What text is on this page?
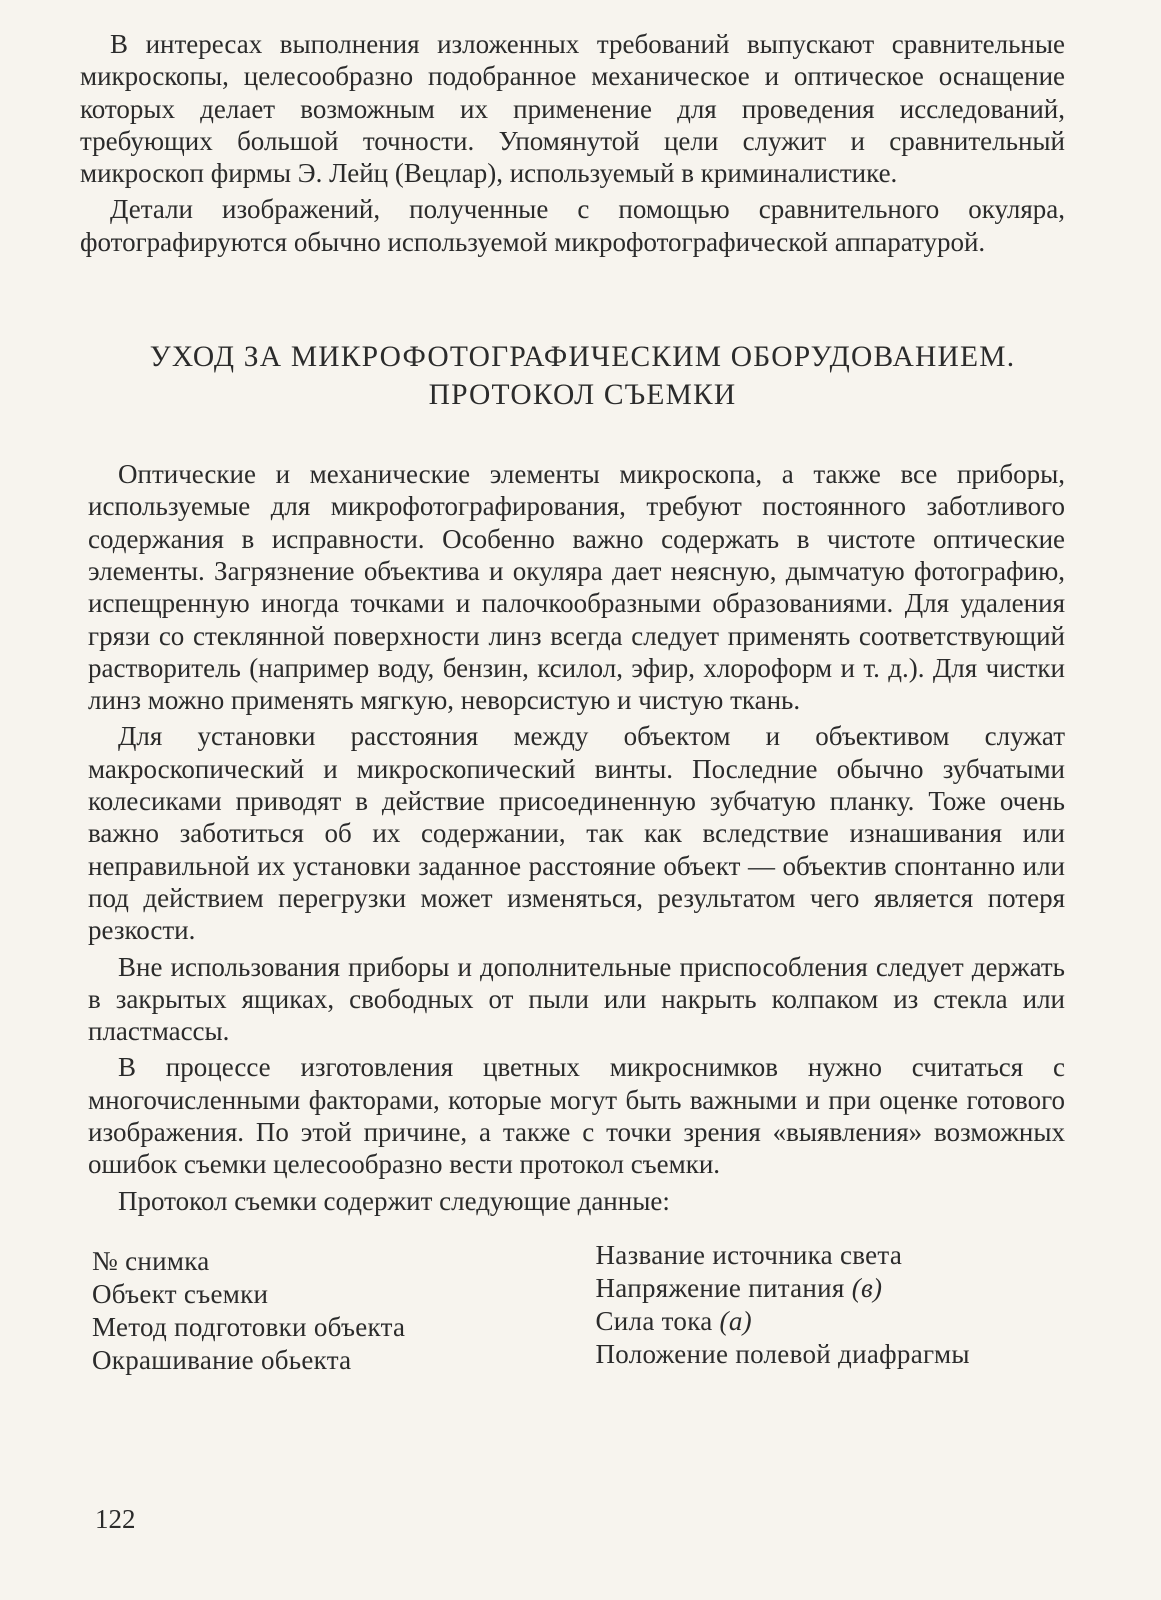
В интересах выполнения изложенных требований выпускают сравнительные микроскопы, целесообразно подобранное механическое и оптическое оснащение которых делает возможным их применение для проведения исследований, требующих большой точности. Упомянутой цели служит и сравнительный микроскоп фирмы Э. Лейц (Вецлар), используемый в криминалистике.

Детали изображений, полученные с помощью сравнительного окуляра, фотографируются обычно используемой микрофотографической аппаратурой.

УХОД ЗА МИКРОФОТОГРАФИЧЕСКИМ ОБОРУДОВАНИЕМ.
ПРОТОКОЛ СЪЕМКИ

Оптические и механические элементы микроскопа, а также все приборы, используемые для микрофотографирования, требуют постоянного заботливого содержания в исправности. Особенно важно содержать в чистоте оптические элементы. Загрязнение объектива и окуляра дает неясную, дымчатую фотографию, испещренную иногда точками и палочкообразными образованиями. Для удаления грязи со стеклянной поверхности линз всегда следует применять соответствующий растворитель (например воду, бензин, ксилол, эфир, хлороформ и т. д.). Для чистки линз можно применять мягкую, неворсистую и чистую ткань.

Для установки расстояния между объектом и объективом служат макроскопический и микроскопический винты. Последние обычно зубчатыми колесиками приводят в действие присоединенную зубчатую планку. Тоже очень важно заботиться об их содержании, так как вследствие изнашивания или неправильной их установки заданное расстояние объект — объектив спонтанно или под действием перегрузки может изменяться, результатом чего является потеря резкости.

Вне использования приборы и дополнительные приспособления следует держать в закрытых ящиках, свободных от пыли или накрыть колпаком из стекла или пластмассы.

В процессе изготовления цветных микроснимков нужно считаться с многочисленными факторами, которые могут быть важными и при оценке готового изображения. По этой причине, а также с точки зрения «выявления» возможных ошибок съемки целесообразно вести протокол съемки.

Протокол съемки содержит следующие данные:

№ снимка
Объект съемки
Метод подготовки объекта
Окрашивание обьекта
Название источника света
Напряжение питания (в)
Сила тока (а)
Положение полевой диафрагмы
122
